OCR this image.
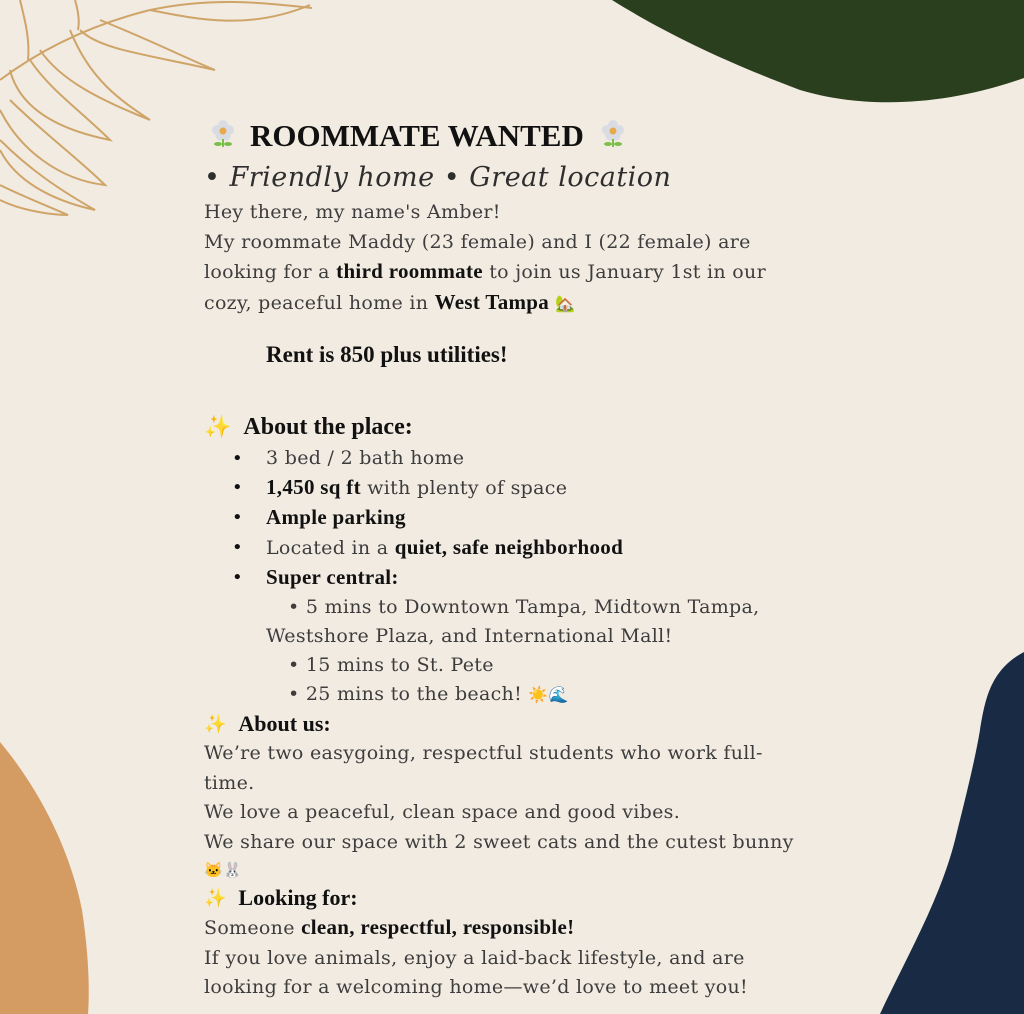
ROOMMATE WANTED
• Friendly home • Great location
Hey there, my name's Amber!
My roommate Maddy (23 female) and I (22 female) are
looking for a third roommate to join us January 1st in our
cozy, peaceful home in West Tampa 🏡
Rent is 850 plus utilities!
✨ About the place:
• 3 bed / 2 bath home
• 1,450 sq ft with plenty of space
• Ample parking
• Located in a quiet, safe neighborhood
• Super central:
• 5 mins to Downtown Tampa, Midtown Tampa,
Westshore Plaza, and International Mall!
• 15 mins to St. Pete
• 25 mins to the beach! ☀️🌊
✨ About us:
We’re two easygoing, respectful students who work full-
time.
We love a peaceful, clean space and good vibes.
We share our space with 2 sweet cats and the cutest bunny
🐱🐰
✨ Looking for:
Someone clean, respectful, responsible!
If you love animals, enjoy a laid-back lifestyle, and are
looking for a welcoming home—we’d love to meet you!
